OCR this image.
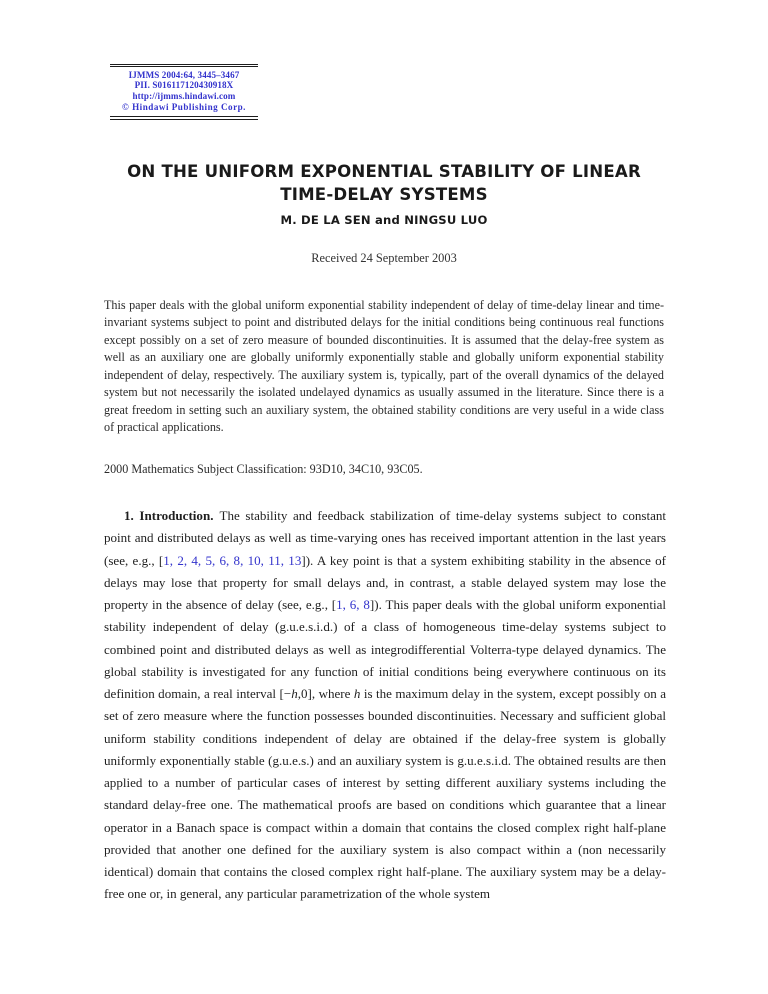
IJMMS 2004:64, 3445–3467
PII. S016117120430918X
http://ijmms.hindawi.com
© Hindawi Publishing Corp.
ON THE UNIFORM EXPONENTIAL STABILITY OF LINEAR
TIME-DELAY SYSTEMS
M. DE LA SEN and NINGSU LUO
Received 24 September 2003
This paper deals with the global uniform exponential stability independent of delay of time-delay linear and time-invariant systems subject to point and distributed delays for the initial conditions being continuous real functions except possibly on a set of zero measure of bounded discontinuities. It is assumed that the delay-free system as well as an auxiliary one are globally uniformly exponentially stable and globally uniform exponential stability independent of delay, respectively. The auxiliary system is, typically, part of the overall dynamics of the delayed system but not necessarily the isolated undelayed dynamics as usually assumed in the literature. Since there is a great freedom in setting such an auxiliary system, the obtained stability conditions are very useful in a wide class of practical applications.
2000 Mathematics Subject Classification: 93D10, 34C10, 93C05.
1. Introduction. The stability and feedback stabilization of time-delay systems subject to constant point and distributed delays as well as time-varying ones has received important attention in the last years (see, e.g., [1, 2, 4, 5, 6, 8, 10, 11, 13]). A key point is that a system exhibiting stability in the absence of delays may lose that property for small delays and, in contrast, a stable delayed system may lose the property in the absence of delay (see, e.g., [1, 6, 8]). This paper deals with the global uniform exponential stability independent of delay (g.u.e.s.i.d.) of a class of homogeneous time-delay systems subject to combined point and distributed delays as well as integrodifferential Volterra-type delayed dynamics. The global stability is investigated for any function of initial conditions being everywhere continuous on its definition domain, a real interval [−h,0], where h is the maximum delay in the system, except possibly on a set of zero measure where the function possesses bounded discontinuities. Necessary and sufficient global uniform stability conditions independent of delay are obtained if the delay-free system is globally uniformly exponentially stable (g.u.e.s.) and an auxiliary system is g.u.e.s.i.d. The obtained results are then applied to a number of particular cases of interest by setting different auxiliary systems including the standard delay-free one. The mathematical proofs are based on conditions which guarantee that a linear operator in a Banach space is compact within a domain that contains the closed complex right half-plane provided that another one defined for the auxiliary system is also compact within a (non necessarily identical) domain that contains the closed complex right half-plane. The auxiliary system may be a delay-free one or, in general, any particular parametrization of the whole system
